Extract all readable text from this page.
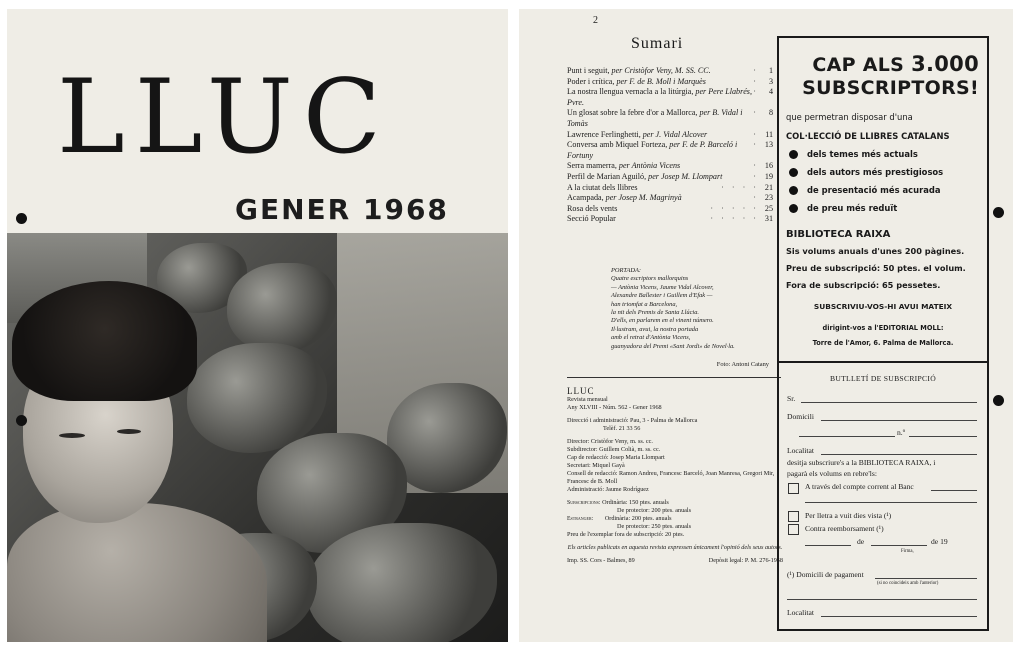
LLUC
GENER 1968
2
Sumari
Punt i seguit, per Cristòfor Veny, M. SS. CC.	·	1
Poder i crítica, per F. de B. Moll i Marquès	·	3
La nostra llengua vernacla a la litúrgia, per Pere Llabrés, Pvre.
·	4
Un glosat sobre la febre d'or a Mallorca, per B. Vidal i Tomàs
·	8
Lawrence Ferlinghetti, per J. Vidal Alcover	· 11
Conversa amb Miquel Forteza, per F. de P. Barceló i Fortuny
· 13
Serra mamerra, per Antònia Vicens	· 16
Perfil de Marian Aguiló, per Josep M. Llompart	· 19
A la ciutat dels llibres	· · · · 21
Acampada, per Josep M. Magrinyà	· 23
Rosa dels vents	· · · · · 25
Secció Popular	· · · · · 31
PORTADA:
Quatre escriptors mallorquins
— Antònia Vicens, Jaume Vidal Alcover,
Alexandre Ballester i Guillem d'Efak —
han triomfat a Barcelona,
la nit dels Premis de Santa Llúcia.
D'ells, en parlarem en el vinent número.
Il·lustram, avui, la nostra portada
amb el retrat d'Antònia Vicens,
guanyadora del Premi «Sant Jordi» de Novel·la.
Foto: Antoni Catany
LLUC
Revista mensual
Any XLVIII - Núm. 562 - Gener 1968
Direcció i administració: Pau, 3 - Palma de Mallorca
Telèf. 21 33 56
Director: Cristòfor Veny, m. ss. cc.
Subdirector: Guillem Colià, m. ss. cc.
Cap de redacció: Josep Maria Llompart
Secretari: Miquel Gayà
Consell de redacció: Ramon Andreu, Francesc Barceló, Joan Manresa, Gregori Mir, Francesc de B. Moll
Administració: Jaume Rodríguez
Subscripcions: Ordinària: 150 ptes. anuals
De protector: 200 ptes. anuals
Estranger: Ordinària: 200 ptes. anuals
De protector: 250 ptes. anuals
Preu de l'exemplar fora de subscripció: 20 ptes.
Els articles publicats en aquesta revista expressen únicament l'opinió dels seus autors.
Imp. SS. Cors - Balmes, 89	Depòsit legal: P. M. 276-1958
CAP ALS 3.000
SUBSCRIPTORS!
que permetran disposar d'una
COL·LECCIÓ DE LLIBRES CATALANS
dels temes més actuals
dels autors més prestigiosos
de presentació més acurada
de preu més reduït
BIBLIOTECA RAIXA
Sis volums anuals d'unes 200 pàgines.
Preu de subscripció: 50 ptes. el volum.
Fora de subscripció: 65 pessetes.
SUBSCRIVIU-VOS-HI AVUI MATEIX
dirigint-vos a l'EDITORIAL MOLL:
Torre de l'Amor, 6. Palma de Mallorca.
BUTLLETÍ DE SUBSCRIPCIÓ
Sr.
Domicili
n.º
Localitat
desitja subscriure's a la BIBLIOTECA RAIXA, i
pagarà els volums en rebre'ls:
A través del compte corrent al Banc
Per lletra a vuit dies vista (¹)
Contra reemborsament (¹)
de	de 19
Firma,
(¹) Domicili de pagament
(si no coincideix amb l'anterior)
Localitat
